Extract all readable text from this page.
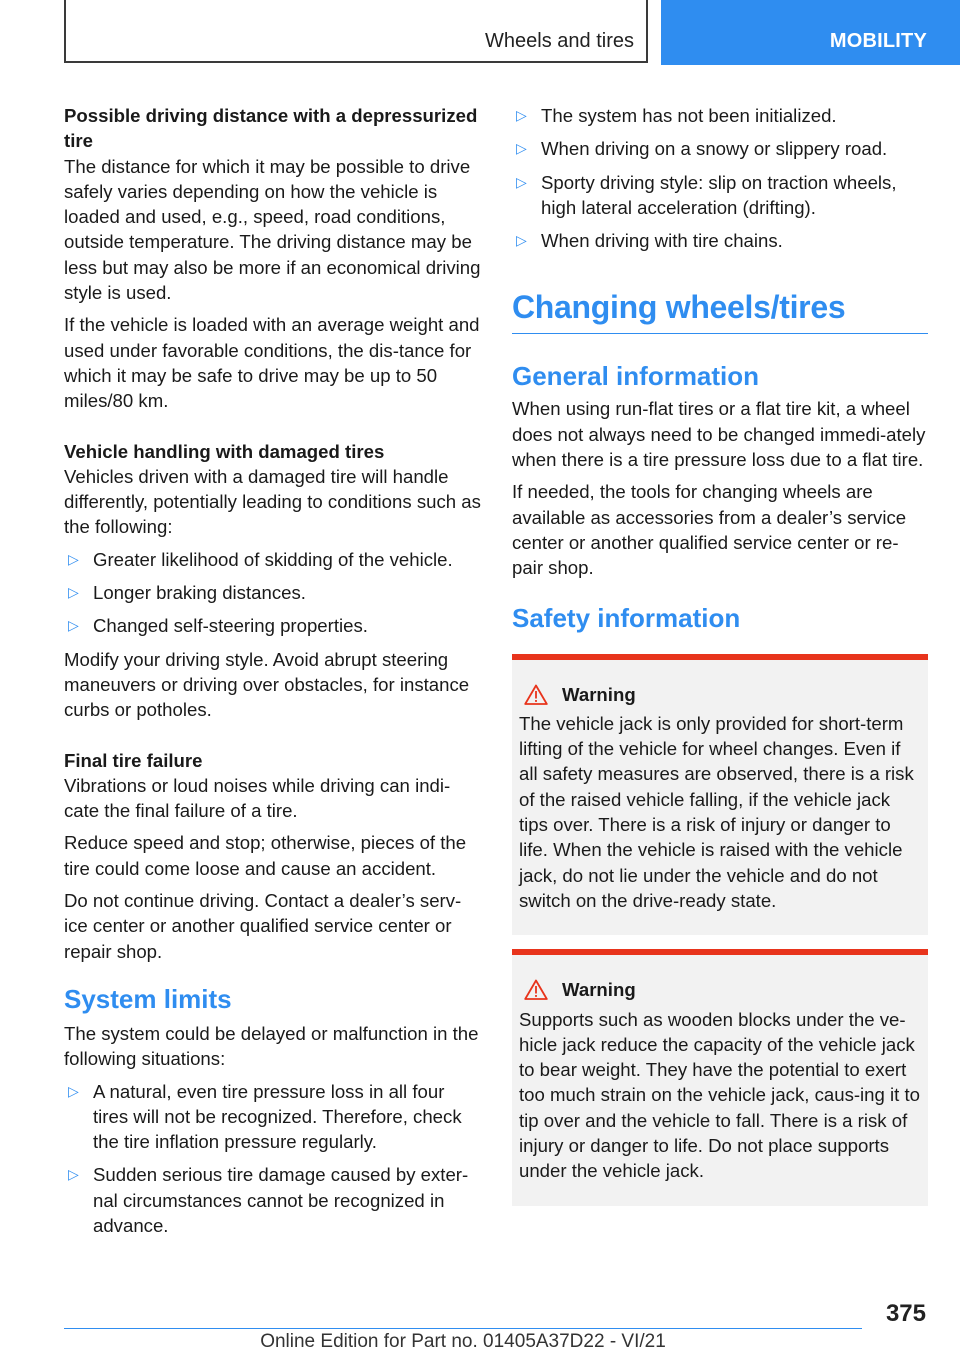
Wheels and tires	MOBILITY

Possible driving distance with a depressurized tire

The distance for which it may be possible to drive safely varies depending on how the vehicle is loaded and used, e.g., speed, road conditions, outside temperature. The driving distance may be less but may also be more if an economical driving style is used.

If the vehicle is loaded with an average weight and used under favorable conditions, the dis-tance for which it may be safe to drive may be up to 50 miles/80 km.

Vehicle handling with damaged tires

Vehicles driven with a damaged tire will handle differently, potentially leading to conditions such as the following:

▷ Greater likelihood of skidding of the vehicle.
▷ Longer braking distances.
▷ Changed self-steering properties.

Modify your driving style. Avoid abrupt steering maneuvers or driving over obstacles, for instance curbs or potholes.

Final tire failure

Vibrations or loud noises while driving can indi-cate the final failure of a tire.

Reduce speed and stop; otherwise, pieces of the tire could come loose and cause an accident.

Do not continue driving. Contact a dealer’s serv-ice center or another qualified service center or repair shop.

System limits

The system could be delayed or malfunction in the following situations:

▷ A natural, even tire pressure loss in all four tires will not be recognized. Therefore, check the tire inflation pressure regularly.
▷ Sudden serious tire damage caused by exter-nal circumstances cannot be recognized in advance.
▷ The system has not been initialized.
▷ When driving on a snowy or slippery road.
▷ Sporty driving style: slip on traction wheels, high lateral acceleration (drifting).
▷ When driving with tire chains.
Changing wheels/tires
General information

When using run-flat tires or a flat tire kit, a wheel does not always need to be changed immedi-ately when there is a tire pressure loss due to a flat tire.

If needed, the tools for changing wheels are available as accessories from a dealer’s service center or another qualified service center or re-pair shop.

Safety information
Warning

The vehicle jack is only provided for short-term lifting of the vehicle for wheel changes. Even if all safety measures are observed, there is a risk of the raised vehicle falling, if the vehicle jack tips over. There is a risk of injury or danger to life. When the vehicle is raised with the vehicle jack, do not lie under the vehicle and do not switch on the drive-ready state.

Warning

Supports such as wooden blocks under the ve-hicle jack reduce the capacity of the vehicle jack to bear weight. They have the potential to exert too much strain on the vehicle jack, caus-ing it to tip over and the vehicle to fall. There is a risk of injury or danger to life. Do not place supports under the vehicle jack.

375
Online Edition for Part no. 01405A37D22 - VI/21
